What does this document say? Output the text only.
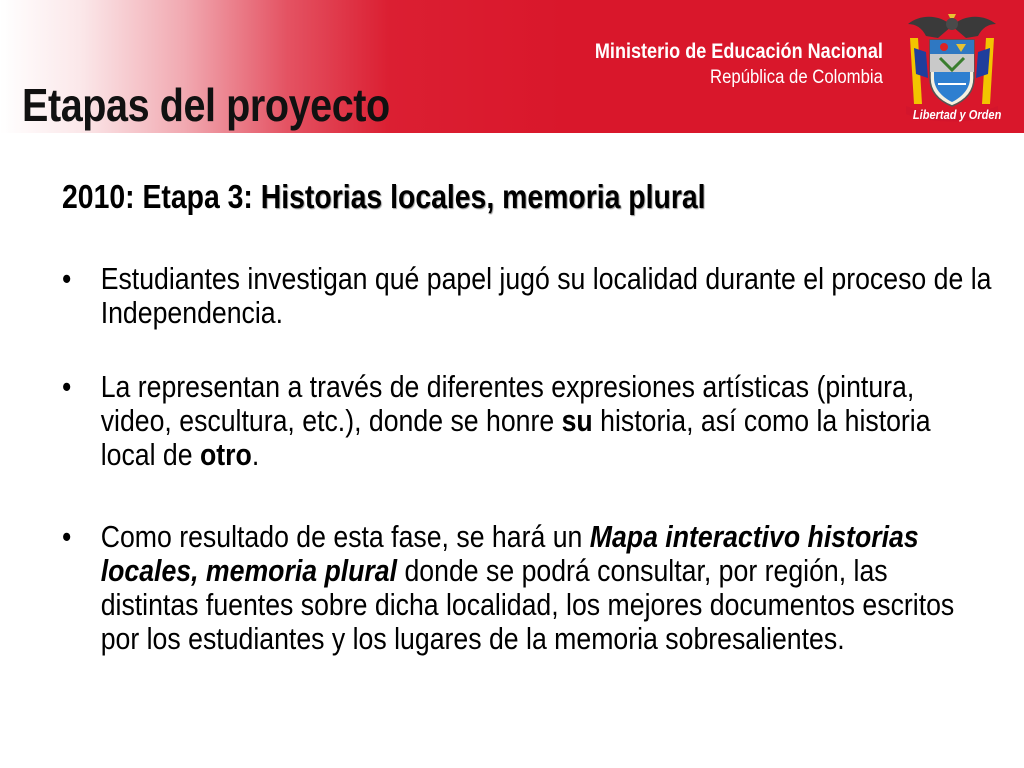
Etapas del proyecto
Ministerio de Educación Nacional
República de Colombia
Libertad y Orden
2010: Etapa 3: Historias locales, memoria plural
• Estudiantes investigan qué papel jugó su localidad durante el proceso de la Independencia.
• La representan a través de diferentes expresiones artísticas (pintura, video, escultura, etc.), donde se honre su historia, así como la historia local de otro.
• Como resultado de esta fase, se hará un Mapa interactivo historias locales, memoria plural donde se podrá consultar, por región, las distintas fuentes sobre dicha localidad, los mejores documentos escritos por los estudiantes y los lugares de la memoria sobresalientes.
